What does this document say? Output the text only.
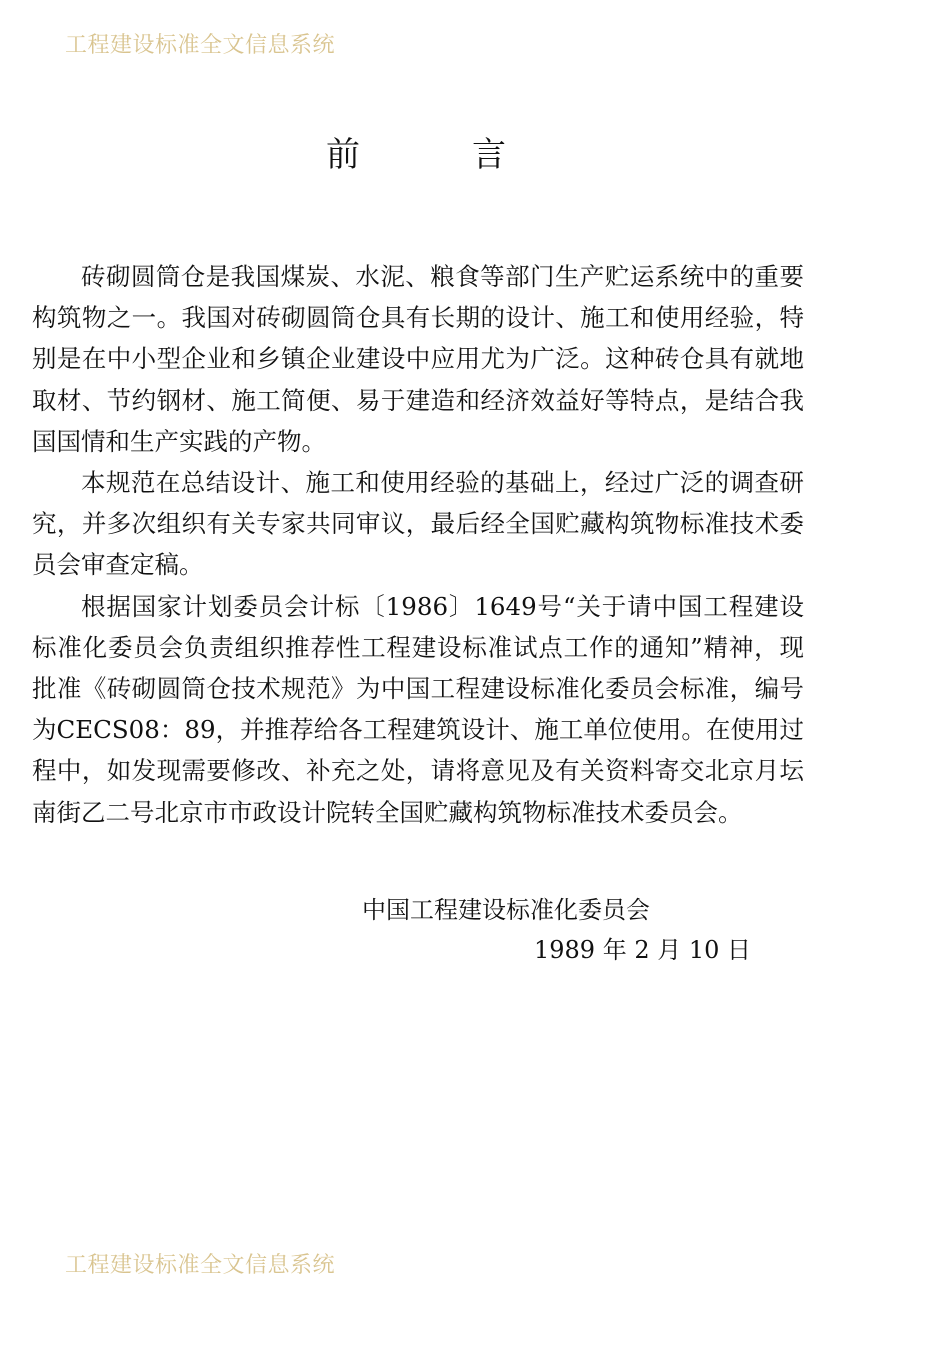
工程建设标准全文信息系统
前	言

砖砌圆筒仓是我国煤炭、水泥、粮食等部门生产贮运系统中的重要构筑物之一。我国对砖砌圆筒仓具有长期的设计、施工和使用经验，特别是在中小型企业和乡镇企业建设中应用尤为广泛。这种砖仓具有就地取材、节约钢材、施工简便、易于建造和经济效益好等特点，是结合我国国情和生产实践的产物。

本规范在总结设计、施工和使用经验的基础上，经过广泛的调查研究，并多次组织有关专家共同审议，最后经全国贮藏构筑物标准技术委员会审查定稿。

根据国家计划委员会计标〔1986〕1649号“关于请中国工程建设标准化委员会负责组织推荐性工程建设标准试点工作的通知”精神，现批准《砖砌圆筒仓技术规范》为中国工程建设标准化委员会标准，编号为CECS08：89，并推荐给各工程建筑设计、施工单位使用。在使用过程中，如发现需要修改、补充之处，请将意见及有关资料寄交北京月坛南街乙二号北京市市政设计院转全国贮藏构筑物标准技术委员会。

中国工程建设标准化委员会
1989 年 2 月 10 日
工程建设标准全文信息系统
